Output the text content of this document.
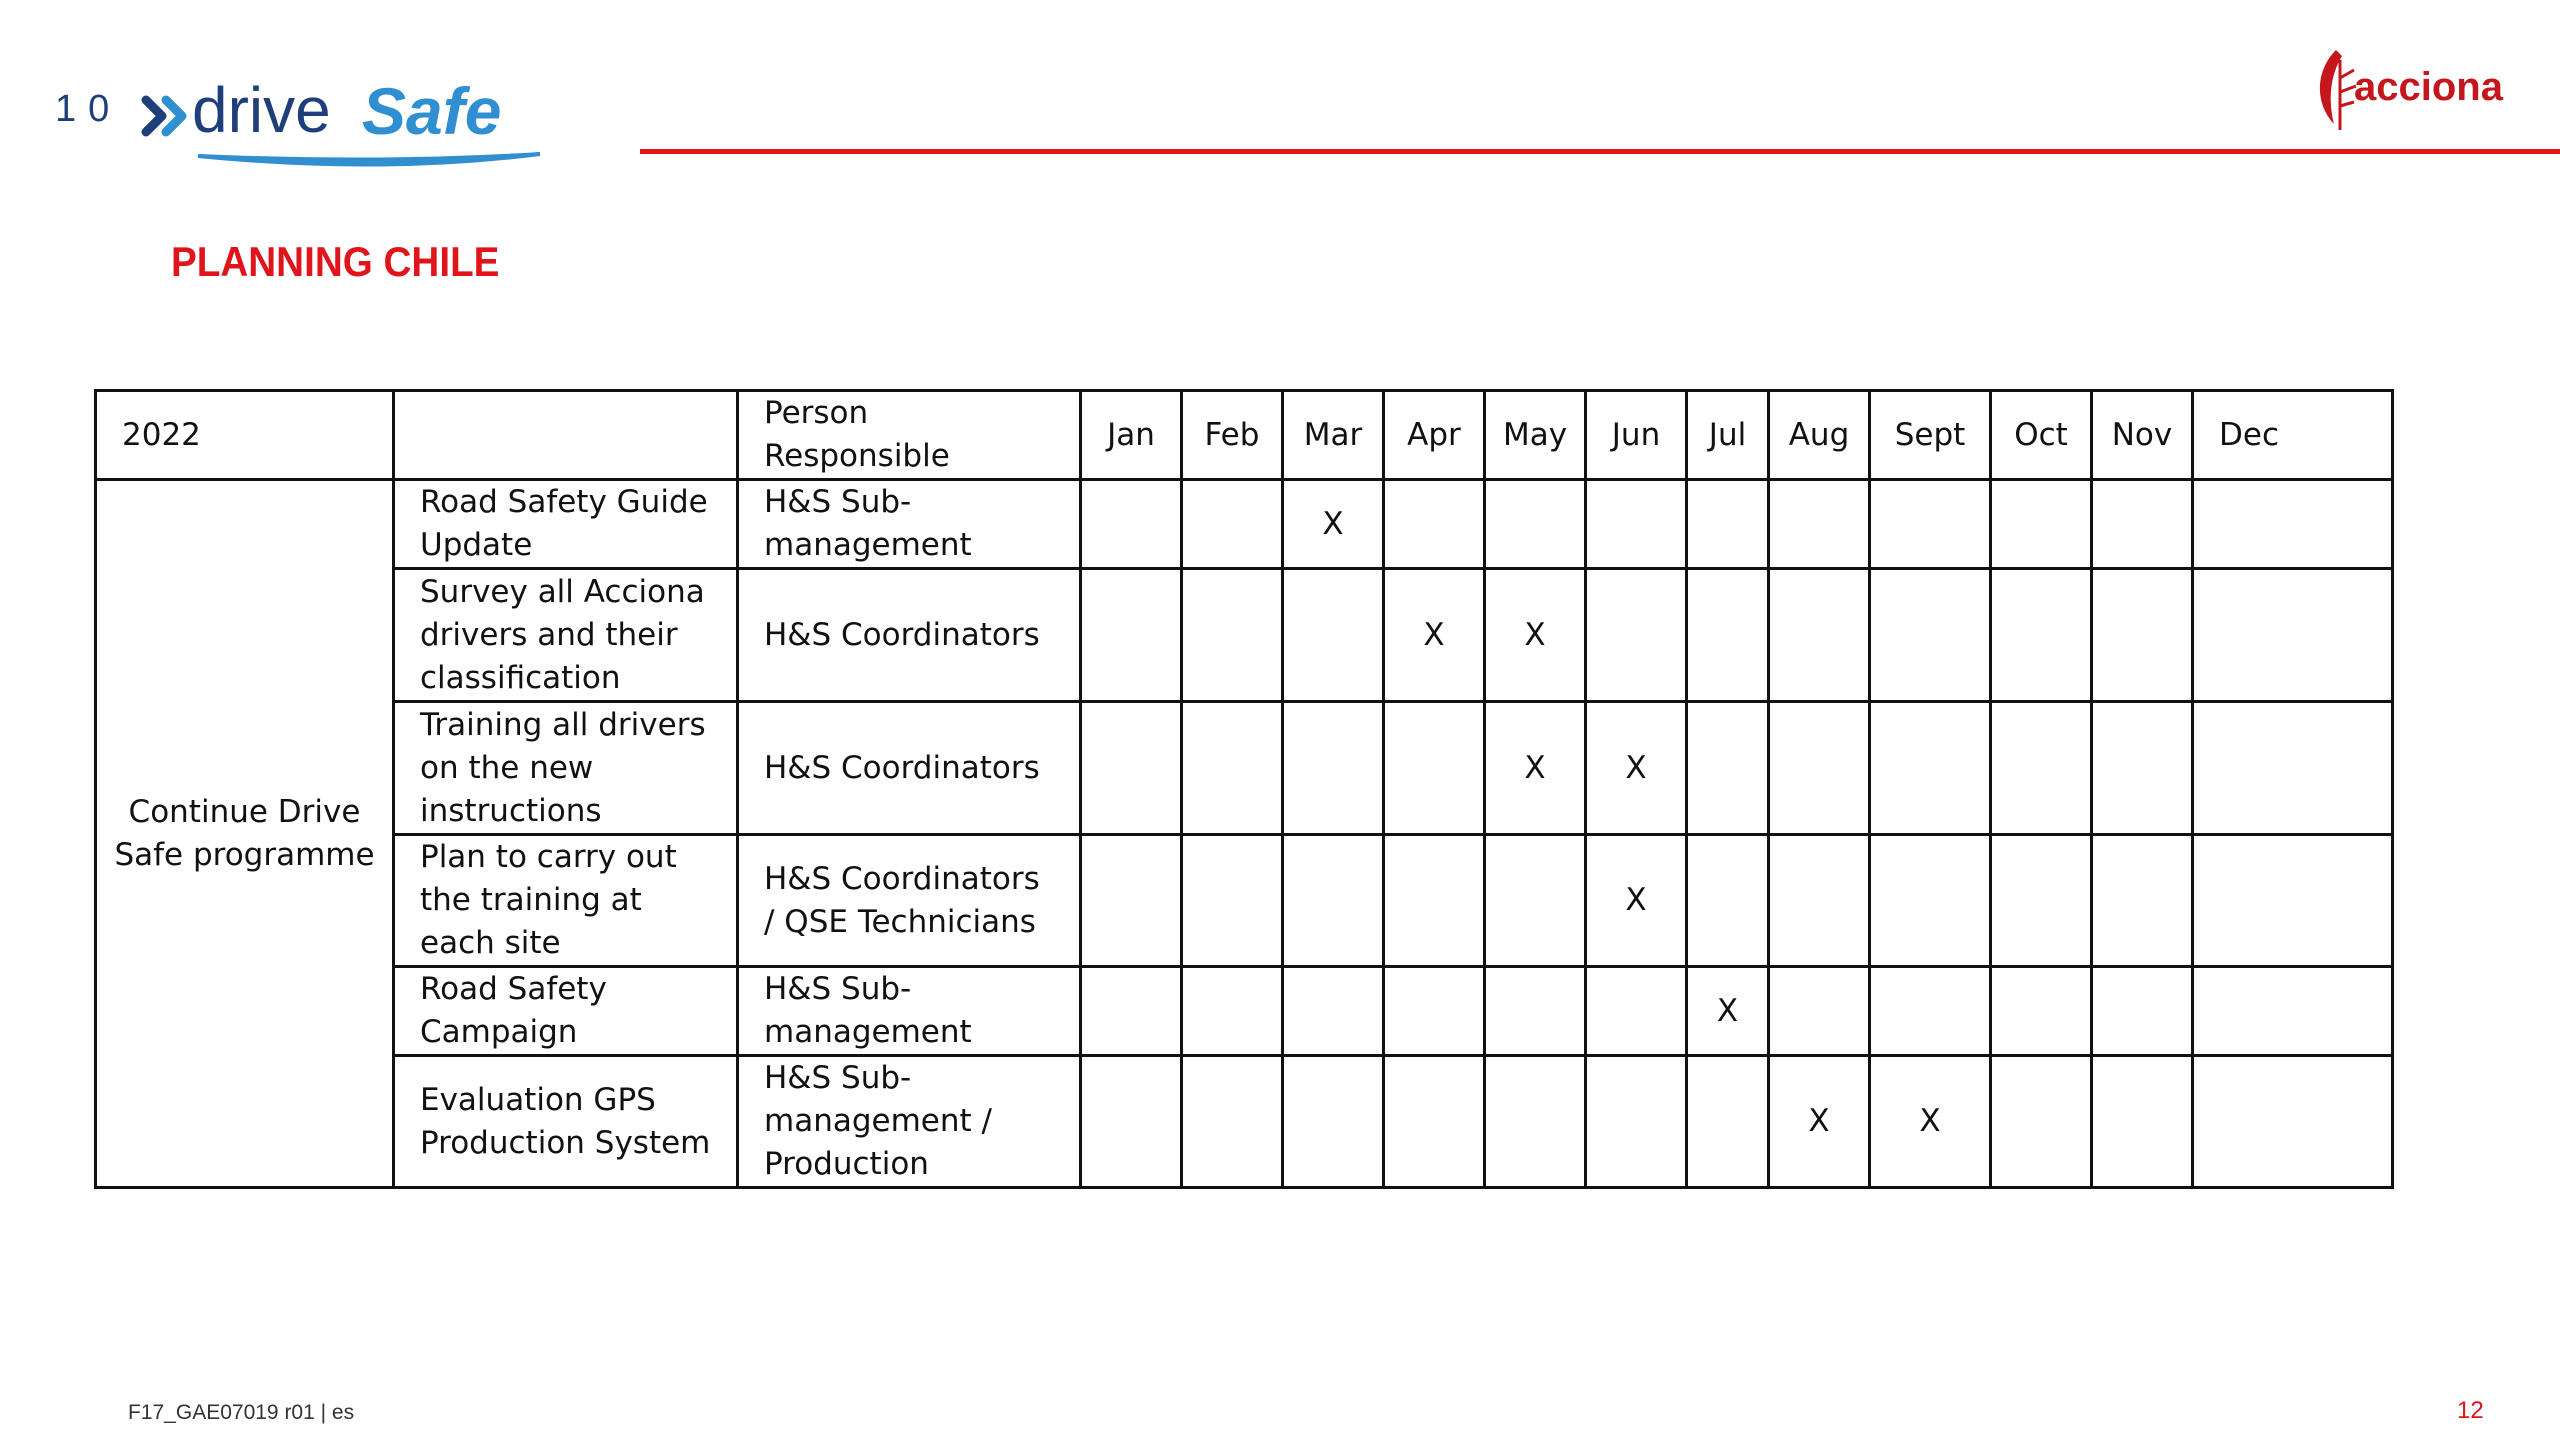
10 drive Safe	acciona
PLANNING CHILE
2022		Person Responsible	Jan	Feb	Mar	Apr	May	Jun	Jul	Aug	Sept	Oct	Nov	Dec
Continue Drive Safe programme	Road Safety Guide Update	H&S Sub-management			X									
	Survey all Acciona drivers and their classification	H&S Coordinators				X	X							
	Training all drivers on the new instructions	H&S Coordinators					X	X						
	Plan to carry out the training at each site	H&S Coordinators / QSE Technicians						X						
	Road Safety Campaign	H&S Sub-management							X					
	Evaluation GPS Production System	H&S Sub-management / Production								X	X			
F17_GAE07019 r01 | es	12
